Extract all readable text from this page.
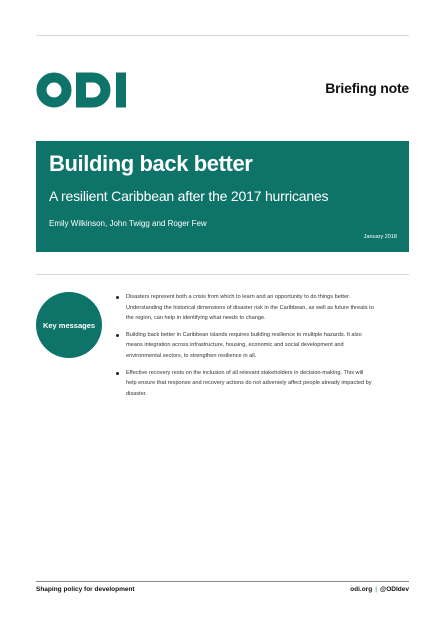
Briefing note
Building back better
A resilient Caribbean after the 2017 hurricanes
Emily Wilkinson, John Twigg and Roger Few
January 2018
Key messages
Disasters represent both a crisis from which to learn and an opportunity to do things better. Understanding the historical dimensions of disaster risk in the Caribbean, as well as future threats to the region, can help in identifying what needs to change.
Building back better in Caribbean islands requires building resilience to multiple hazards. It also means integration across infrastructure, housing, economic and social development and environmental sectors, to strengthen resilience in all.
Effective recovery rests on the inclusion of all relevant stakeholders in decision-making. This will help ensure that response and recovery actions do not adversely affect people already impacted by disaster.
Shaping policy for development	odi.org | @ODIdev
